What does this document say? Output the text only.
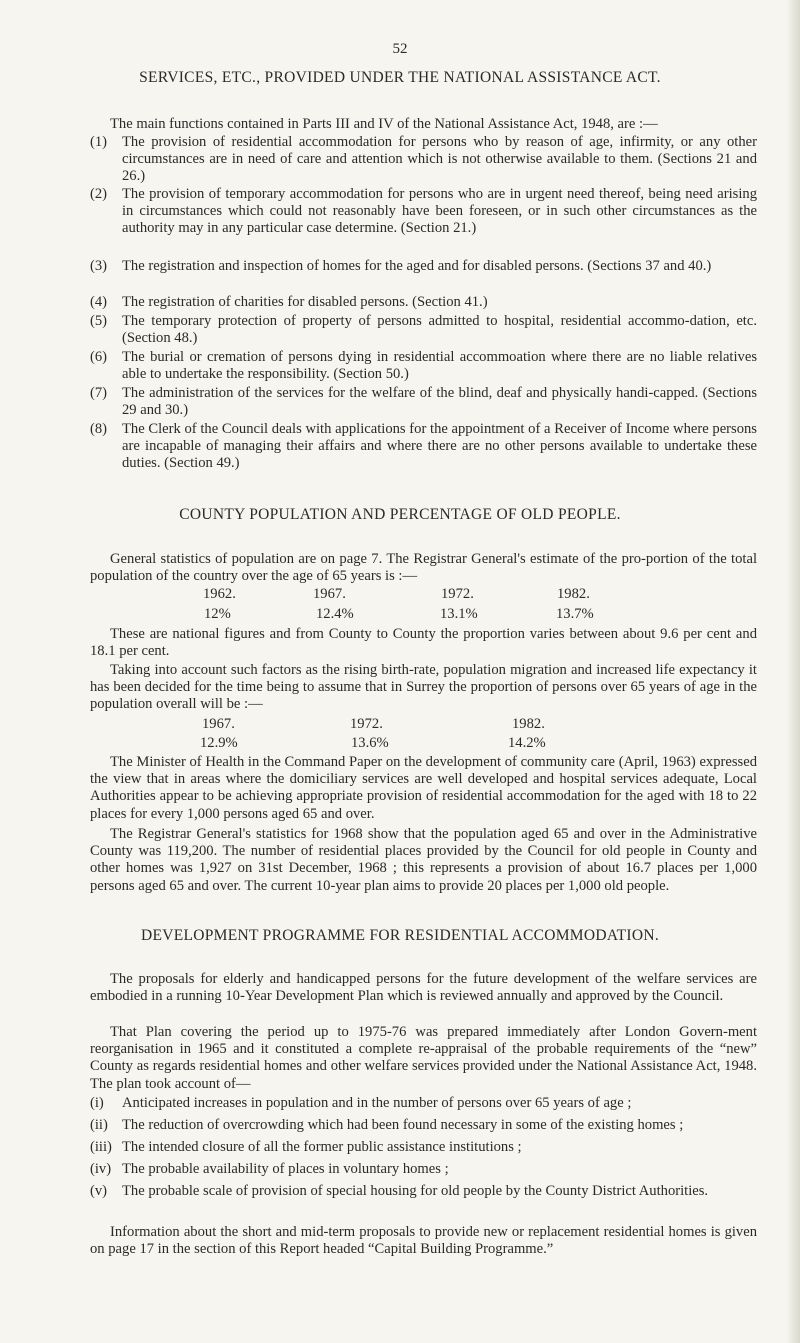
52
SERVICES, ETC., PROVIDED UNDER THE NATIONAL ASSISTANCE ACT.
The main functions contained in Parts III and IV of the National Assistance Act, 1948, are :—
(1) The provision of residential accommodation for persons who by reason of age, infirmity, or any other circumstances are in need of care and attention which is not otherwise available to them. (Sections 21 and 26.)
(2) The provision of temporary accommodation for persons who are in urgent need thereof, being need arising in circumstances which could not reasonably have been foreseen, or in such other circumstances as the authority may in any particular case determine. (Section 21.)
(3) The registration and inspection of homes for the aged and for disabled persons. (Sections 37 and 40.)
(4) The registration of charities for disabled persons. (Section 41.)
(5) The temporary protection of property of persons admitted to hospital, residential accommo-dation, etc. (Section 48.)
(6) The burial or cremation of persons dying in residential accommoation where there are no liable relatives able to undertake the responsibility. (Section 50.)
(7) The administration of the services for the welfare of the blind, deaf and physically handi-capped. (Sections 29 and 30.)
(8) The Clerk of the Council deals with applications for the appointment of a Receiver of Income where persons are incapable of managing their affairs and where there are no other persons available to undertake these duties. (Section 49.)
COUNTY POPULATION AND PERCENTAGE OF OLD PEOPLE.
General statistics of population are on page 7. The Registrar General's estimate of the pro-portion of the total population of the country over the age of 65 years is :—
1962.	1967.	1972.	1982.
12%	12.4%	13.1%	13.7%
These are national figures and from County to County the proportion varies between about 9.6 per cent and 18.1 per cent.
Taking into account such factors as the rising birth-rate, population migration and increased life expectancy it has been decided for the time being to assume that in Surrey the proportion of persons over 65 years of age in the population overall will be :—
1967.	1972.	1982.
12.9%	13.6%	14.2%
The Minister of Health in the Command Paper on the development of community care (April, 1963) expressed the view that in areas where the domiciliary services are well developed and hospital services adequate, Local Authorities appear to be achieving appropriate provision of residential accommodation for the aged with 18 to 22 places for every 1,000 persons aged 65 and over.
The Registrar General's statistics for 1968 show that the population aged 65 and over in the Administrative County was 119,200. The number of residential places provided by the Council for old people in County and other homes was 1,927 on 31st December, 1968 ; this represents a provision of about 16.7 places per 1,000 persons aged 65 and over. The current 10-year plan aims to provide 20 places per 1,000 old people.
DEVELOPMENT PROGRAMME FOR RESIDENTIAL ACCOMMODATION.
The proposals for elderly and handicapped persons for the future development of the welfare services are embodied in a running 10-Year Development Plan which is reviewed annually and approved by the Council.
That Plan covering the period up to 1975-76 was prepared immediately after London Govern-ment reorganisation in 1965 and it constituted a complete re-appraisal of the probable requirements of the “new” County as regards residential homes and other welfare services provided under the National Assistance Act, 1948. The plan took account of—
(i) Anticipated increases in population and in the number of persons over 65 years of age ;
(ii) The reduction of overcrowding which had been found necessary in some of the existing homes ;
(iii) The intended closure of all the former public assistance institutions ;
(iv) The probable availability of places in voluntary homes ;
(v) The probable scale of provision of special housing for old people by the County District Authorities.
Information about the short and mid-term proposals to provide new or replacement residential homes is given on page 17 in the section of this Report headed “Capital Building Programme.”
